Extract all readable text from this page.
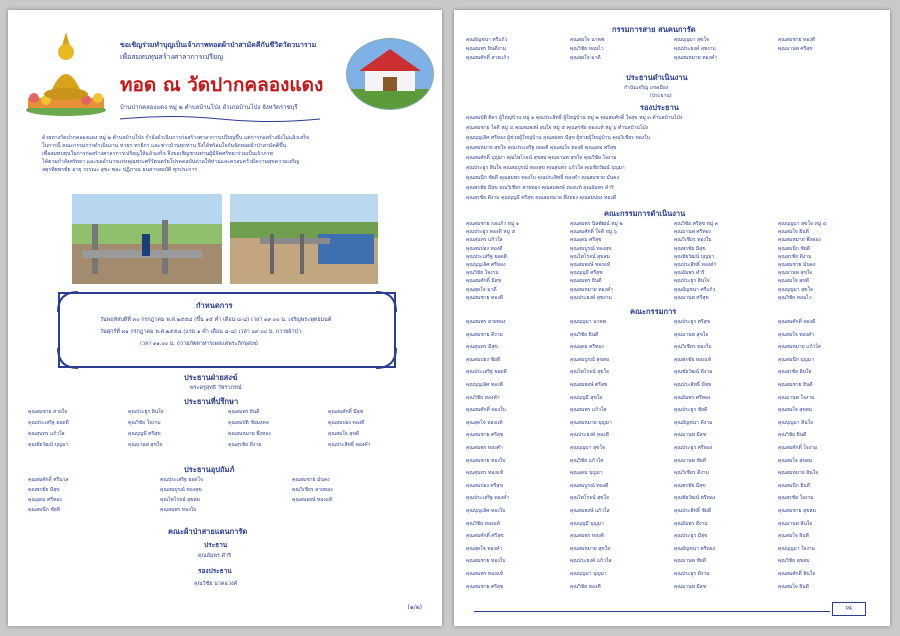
ขอเชิญร่วมทำบุญเป็นเจ้าภาพทอดผ้าป่าสามัคคีกันชีวิตวัดวนาราม
เพื่อสมทบทุนสร้างศาลาการเปรียญ
ทอด ณ วัดปากคลองแดง
บ้านปากคลองแดง หมู่ ๒ ตำบลบ้านโป่ง อำเภอบ้านโป่ง จังหวัดราชบุรี
ด้วยทางวัดปากคลองแดง หมู่ ๒ ตำบลบ้านโป่ง กำลังดำเนินการก่อสร้างศาลาการเปรียญขึ้น แต่การก่อสร้างยังไม่แล้วเสร็จ
ในการนี้ คณะกรรมการดำเนินงาน ทายก ทายิกา และชาวบ้านทุกท่าน จึงได้พร้อมใจกันจัดทอดผ้าป่าสามัคคีขึ้น
เพื่อสมทบทุนในการก่อสร้างศาลาการเปรียญให้แล้วเสร็จ จึงขอเชิญชวนท่านผู้มีจิตศรัทธาร่วมเป็นเจ้าภาพ
ได้ตามกำลังศรัทธา และขออำนาจแห่งคุณพระศรีรัตนตรัยโปรดดลบันดาลให้ท่านและครอบครัวมีความสุขความเจริญ
จตุรพิธพรชัย อายุ วรรณะ สุขะ พละ ปฏิภาณ ธนสารสมบัติ ทุกประการ
กำหนดการ
วันพฤหัสบดีที่ ๓๐ กรกฎาคม พ.ศ.๒๕๕๘ (ขึ้น ๑๕ ค่ำ เดือน ๘-๘) เวลา ๑๙.๐๐ น. เจริญพระพุทธมนต์
วันศุกร์ที่ ๓๑ กรกฎาคม พ.ศ.๒๕๕๘ (แรม ๑ ค่ำ เดือน ๘-๘) เวลา ๐๙.๐๐ น. ถวายผ้าป่า
เวลา ๑๑.๐๐ น. ถวายภัตตาหารเพลแด่พระภิกษุสงฆ์
ประธานฝ่ายสงฆ์
พระครูสุทธิ วัชราภรณ์
ประธานที่ปรึกษา
คุณสมชาย สายใจ	คุณประยูร สินใจ	คุณสมพร ยินดี	คุณสมศักดิ์ มีสุข
คุณประเสริฐ ยอดดี	คุณวิชัย ใจงาม	คุณสมบัติ ชัยมงคล	คุณสมปอง ทองดี
คุณสุนทร แก้วใส	คุณบุญมี ศรีสุข	คุณสมหมาย พึ่งทอง	คุณสมใจ สุขดี
คุณชัยวัฒน์ บุญมา	คุณมานพ สุขใจ	คุณสุรชัย ดีงาม	คุณประสิทธิ์ ทองคำ
ประธานอุปถัมภ์
คุณสมศักดิ์ ศรีนวล	คุณประเสริฐ ยอดใจ	คุณสมชาย มั่นคง
คุณพรชัย มีสุข	คุณสมบูรณ์ ทองสุข	คุณวิเชียร สายทอง
คุณอุดม ศรีทอง	คุณไพโรจน์ สุขสม	คุณสมพงษ์ ทองแท้
คุณสมนึก ชัยดี	คุณสมพร ทองใบ
คณะผ้าป่าสายแดนการัด
ประธาน
คุณอัมพร ดำริ
รองประธาน
คุณวิชัย นาคแวงค์
(๑/๒)
กรรมการสาย สนคนการัด
คุณอัญชนา ศรีแก้ว	คุณสมใจ นาคพ	คุณบุญมา สุขใจ	คุณสมชาย ทองดี
คุณสมพร ยินดีงาม	คุณวิชัย หอมไว	คุณประยงค์ สุขงาม	คุณมานพ ศรีสุข
คุณสมศักดิ์ สายแก้ว	คุณสุดใจ มาดี	คุณสมหมาย ทองคำ
ประธานดำเนินงาน
กำนันเจริญ เกษเมือง
(ประธาน)
รองประธาน
คุณสมบัติ ศิลา ผู้ใหญ่บ้าน หมู่ ๑ คุณประสิทธิ์ ผู้ใหญ่บ้าน หมู่ ๒ คุณสมศักดิ์ ใจสุข หมู่ ๓ ตำบลบ้านโป่ง
คุณสมชาย ใจดี หมู่ ๔ คุณสมพงษ์ สมใจ หมู่ ๕ คุณสุรชัย ทองแท้ หมู่ ๖ ตำบลบ้านโป่ง
คุณบุญเลิศ ศรีทอง ผู้ช่วยผู้ใหญ่บ้าน คุณสมพร มีสุข ผู้ช่วยผู้ใหญ่บ้าน คุณวิเชียร ทองใบ
คุณสมหมาย สุขใจ คุณประเสริฐ ยอดดี คุณสมใจ ทองดี คุณอุดม ศรีสุข
คุณสมศักดิ์ บุญมา คุณไพโรจน์ สุขสม คุณมานพ สุขใจ คุณวิชัย ใจงาม
คุณประยูร สินใจ คุณสมบูรณ์ ทองสุข คุณสุนทร แก้วใส คุณชัยวัฒน์ บุญมา
คุณสมนึก ชัยดี คุณสมพร ทองใบ คุณประสิทธิ์ ทองคำ คุณสมชาย มั่นคง
คุณพรชัย มีสุข คุณวิเชียร สายทอง คุณสมพงษ์ ทองแท้ คุณอัมพร ดำริ
คุณสุรชัย ดีงาม คุณบุญมี ศรีสุข คุณสมหมาย พึ่งทอง คุณสมปอง ทองดี
คณะกรรมการดำเนินงาน
คุณสมชาย กอแก้ว หมู่ ๑	คุณสมพร นิลพัฒน์ หมู่ ๒	คุณวิชัย ศรีสุข หมู่ ๓	คุณบุญมา สุขใจ หมู่ ๔
คุณประยูร ทองดี หมู่ ๕	คุณสมศักดิ์ ใจดี หมู่ ๖	คุณมานพ ศรีทอง	คุณสมใจ ยินดี
คุณสุนทร แก้วใส	คุณอุดม ศรีสุข	คุณวิเชียร ทองใบ	คุณสมหมาย พึ่งทอง
คุณสมปอง ทองดี	คุณสมบูรณ์ ทองสุข	คุณพรชัย มีสุข	คุณสมนึก ชัยดี
คุณประเสริฐ ยอดดี	คุณไพโรจน์ สุขสม	คุณชัยวัฒน์ บุญมา	คุณสุรชัย ดีงาม
คุณบุญเลิศ ศรีทอง	คุณสมพงษ์ ทองแท้	คุณประสิทธิ์ ทองคำ	คุณสมชาย มั่นคง
คุณวิชัย ใจงาม	คุณบุญมี ศรีสุข	คุณอัมพร ดำริ	คุณมานพ สุขใจ
คุณสมศักดิ์ มีสุข	คุณสมพร ยินดี	คุณประยูร สินใจ	คุณสมใจ สุขดี
คุณสุดใจ มาดี	คุณสมหมาย ทองคำ	คุณอัญชนา ศรีแก้ว	คุณบุญมา สุขใจ
คุณสมชาย ทองดี	คุณประยงค์ สุขงาม	คุณมานพ ศรีสุข	คุณวิชัย หอมไว
คณะกรรมการ
คุณสมพร สายทอง	คุณบุญมา นาคพ	คุณประยูร ศรีสุข	คุณสมศักดิ์ ทองดี
คุณสมชาย ดีงาม	คุณวิชัย ยินดี	คุณมานพ สุขใจ	คุณสมใจ ทองคำ
คุณสุนทร มีสุข	คุณอุดม ศรีทอง	คุณวิเชียร ทองใบ	คุณสมหมาย แก้วใส
คุณสมปอง ชัยดี	คุณสมบูรณ์ สุขสม	คุณพรชัย ทองแท้	คุณสมนึก บุญมา
คุณประเสริฐ ยอดดี	คุณไพโรจน์ สุขใจ	คุณชัยวัฒน์ ดีงาม	คุณสุรชัย สินใจ
คุณบุญเลิศ ทองดี	คุณสมพงษ์ ศรีสุข	คุณประสิทธิ์ มีสุข	คุณสมชาย ยินดี
คุณวิชัย ทองคำ	คุณบุญมี สุขใจ	คุณอัมพร ศรีทอง	คุณมานพ ใจงาม
คุณสมศักดิ์ ทองใบ	คุณสมพร แก้วใส	คุณประยูร ชัยดี	คุณสมใจ สุขสม
คุณสุดใจ ทองแท้	คุณสมหมาย บุญมา	คุณอัญชนา ดีงาม	คุณบุญมา สินใจ
คุณสมชาย ศรีสุข	คุณประยงค์ ทองดี	คุณมานพ มีสุข	คุณวิชัย ยินดี
คุณสมพร ทองคำ	คุณบุญมา สุขใจ	คุณประยูร ศรีทอง	คุณสมศักดิ์ ใจงาม
คุณสมชาย ทองใบ	คุณวิชัย แก้วใส	คุณมานพ ชัยดี	คุณสมใจ สุขสม
คุณสุนทร ทองแท้	คุณอุดม บุญมา	คุณวิเชียร ดีงาม	คุณสมหมาย สินใจ
คุณสมปอง ศรีสุข	คุณสมบูรณ์ ทองดี	คุณพรชัย มีสุข	คุณสมนึก ยินดี
คุณประเสริฐ ทองคำ	คุณไพโรจน์ สุขใจ	คุณชัยวัฒน์ ศรีทอง	คุณสุรชัย ใจงาม
คุณบุญเลิศ ทองใบ	คุณสมพงษ์ แก้วใส	คุณประสิทธิ์ ชัยดี	คุณสมชาย สุขสม
คุณวิชัย ทองแท้	คุณบุญมี บุญมา	คุณอัมพร ดีงาม	คุณมานพ สินใจ
คุณสมศักดิ์ ศรีสุข	คุณสมพร ทองดี	คุณประยูร มีสุข	คุณสมใจ ยินดี
คุณสุดใจ ทองคำ	คุณสมหมาย สุขใจ	คุณอัญชนา ศรีทอง	คุณบุญมา ใจงาม
คุณสมชาย ทองใบ	คุณประยงค์ แก้วใส	คุณมานพ ชัยดี	คุณวิชัย สุขสม
คุณสมพร ทองแท้	คุณบุญมา บุญมา	คุณประยูร ดีงาม	คุณสมศักดิ์ สินใจ
คุณสมชาย ศรีสุข	คุณวิชัย ทองดี	คุณมานพ มีสุข	คุณสมใจ ยินดี
PA
